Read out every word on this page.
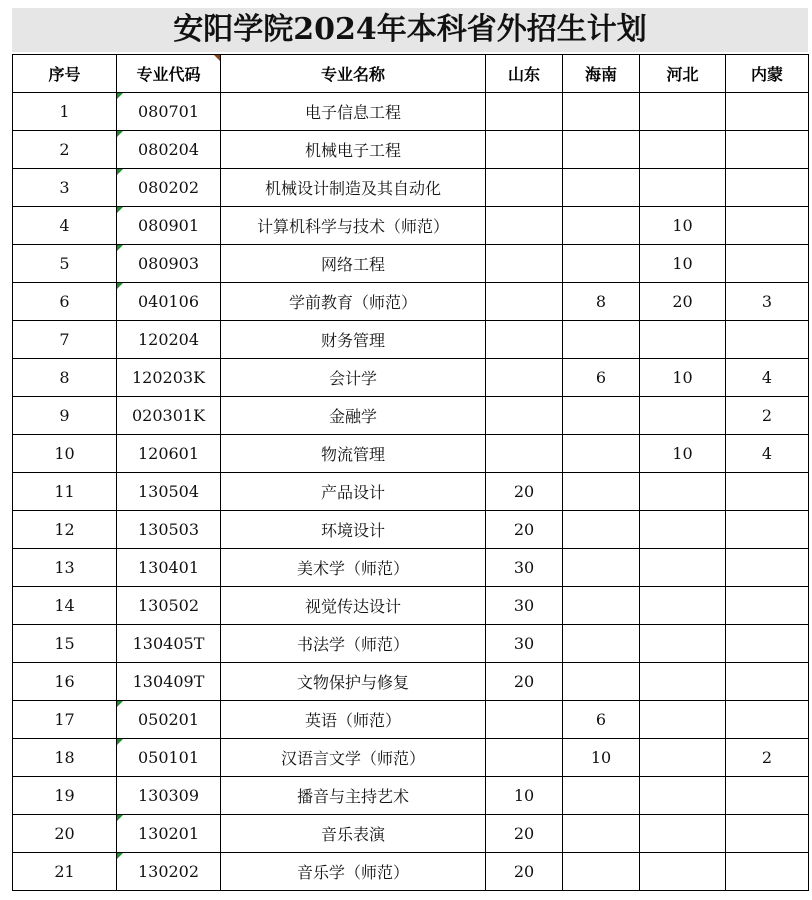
安阳学院2024年本科省外招生计划
序号	专业代码	专业名称	山东	海南	河北	内蒙
1	080701	电子信息工程				
2	080204	机械电子工程				
3	080202	机械设计制造及其自动化				
4	080901	计算机科学与技术（师范）			10	
5	080903	网络工程			10	
6	040106	学前教育（师范）		8	20	3
7	120204	财务管理				
8	120203K	会计学		6	10	4
9	020301K	金融学				2
10	120601	物流管理			10	4
11	130504	产品设计	20			
12	130503	环境设计	20			
13	130401	美术学（师范）	30			
14	130502	视觉传达设计	30			
15	130405T	书法学（师范）	30			
16	130409T	文物保护与修复	20			
17	050201	英语（师范）		6		
18	050101	汉语言文学（师范）		10		2
19	130309	播音与主持艺术	10			
20	130201	音乐表演	20			
21	130202	音乐学（师范）	20			
